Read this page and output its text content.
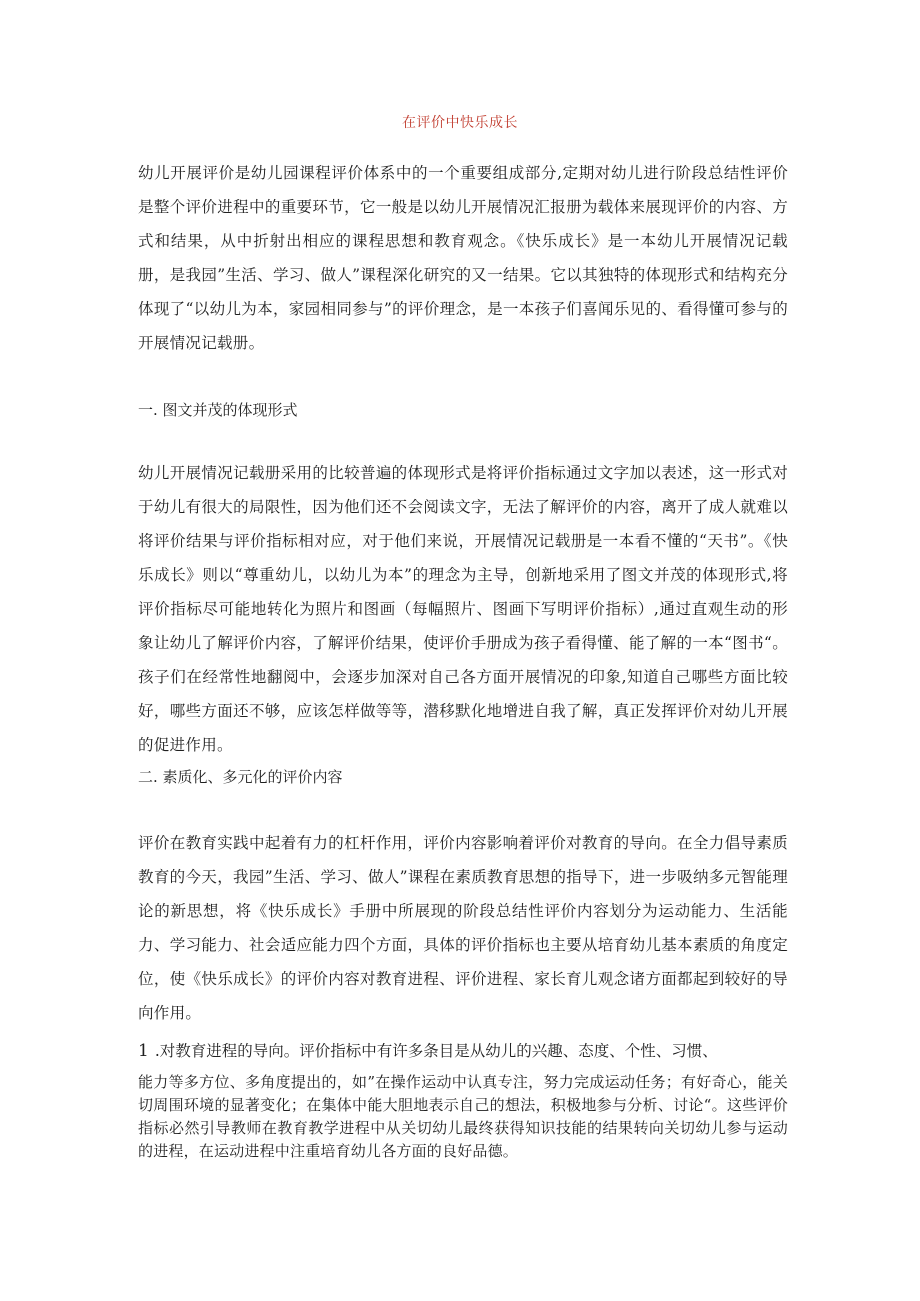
在评价中快乐成长
幼儿开展评价是幼儿园课程评价体系中的一个重要组成部分,定期对幼儿进行阶段总结性评价是整个评价进程中的重要环节，它一般是以幼儿开展情况汇报册为载体来展现评价的内容、方式和结果，从中折射出相应的课程思想和教育观念。《快乐成长》是一本幼儿开展情况记载册，是我园”生活、学习、做人”课程深化研究的又一结果。它以其独特的体现形式和结构充分体现了“以幼儿为本，家园相同参与”的评价理念，是一本孩子们喜闻乐见的、看得懂可参与的开展情况记载册。
一. 图文并茂的体现形式
幼儿开展情况记载册采用的比较普遍的体现形式是将评价指标通过文字加以表述，这一形式对于幼儿有很大的局限性，因为他们还不会阅读文字，无法了解评价的内容，离开了成人就难以将评价结果与评价指标相对应，对于他们来说，开展情况记载册是一本看不懂的“天书”。《快乐成长》则以“尊重幼儿，以幼儿为本”的理念为主导，创新地采用了图文并茂的体现形式,将评价指标尽可能地转化为照片和图画（每幅照片、图画下写明评价指标）,通过直观生动的形象让幼儿了解评价内容，了解评价结果，使评价手册成为孩子看得懂、能了解的一本“图书“。孩子们在经常性地翻阅中，会逐步加深对自己各方面开展情况的印象,知道自己哪些方面比较好，哪些方面还不够，应该怎样做等等，潜移默化地增进自我了解，真正发挥评价对幼儿开展的促进作用。
二. 素质化、多元化的评价内容
评价在教育实践中起着有力的杠杆作用，评价内容影响着评价对教育的导向。在全力倡导素质教育的今天，我园”生活、学习、做人”课程在素质教育思想的指导下，进一步吸纳多元智能理论的新思想，将《快乐成长》手册中所展现的阶段总结性评价内容划分为运动能力、生活能力、学习能力、社会适应能力四个方面，具体的评价指标也主要从培育幼儿基本素质的角度定位，使《快乐成长》的评价内容对教育进程、评价进程、家长育儿观念诸方面都起到较好的导向作用。
1 .对教育进程的导向。评价指标中有许多条目是从幼儿的兴趣、态度、个性、习惯、
能力等多方位、多角度提出的，如”在操作运动中认真专注，努力完成运动任务；有好奇心，能关切周围环境的显著变化；在集体中能大胆地表示自己的想法，积极地参与分析、讨论“。这些评价指标必然引导教师在教育教学进程中从关切幼儿最终获得知识技能的结果转向关切幼儿参与运动的进程，在运动进程中注重培育幼儿各方面的良好品德。
